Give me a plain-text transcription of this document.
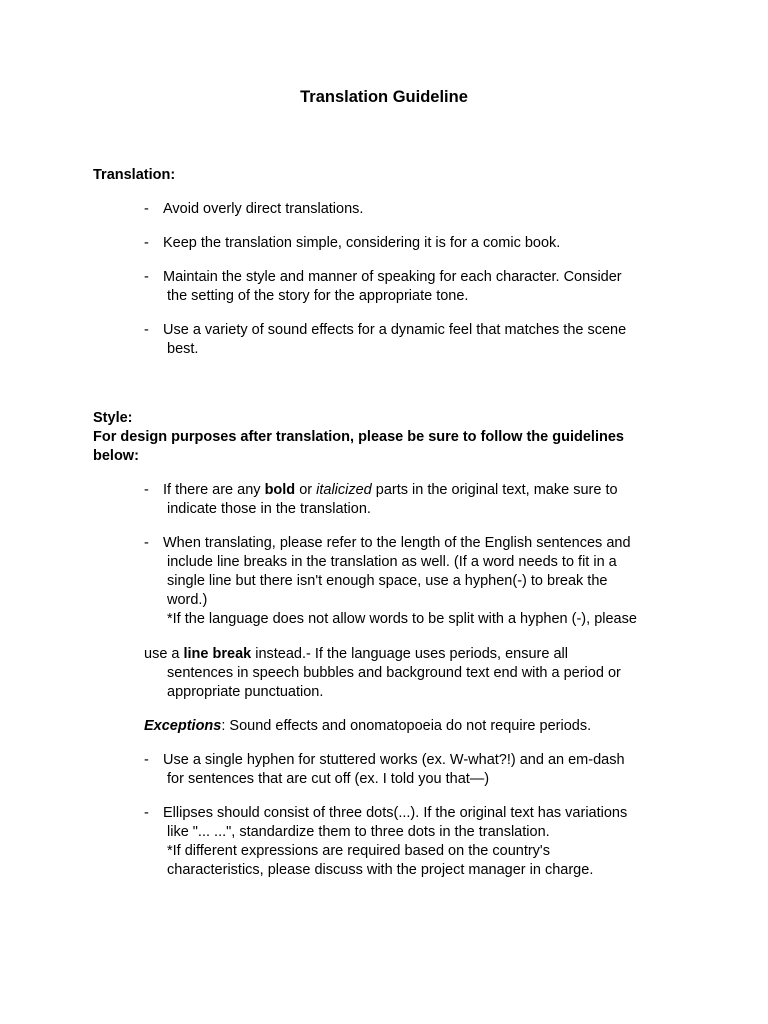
Translation Guideline
Translation:
- Avoid overly direct translations.
- Keep the translation simple, considering it is for a comic book.
- Maintain the style and manner of speaking for each character. Consider
the setting of the story for the appropriate tone.
- Use a variety of sound effects for a dynamic feel that matches the scene
best.
Style:
For design purposes after translation, please be sure to follow the guidelines
below:
- If there are any bold or italicized parts in the original text, make sure to
indicate those in the translation.
- When translating, please refer to the length of the English sentences and
include line breaks in the translation as well. (If a word needs to fit in a
single line but there isn't enough space, use a hyphen(-) to break the
word.)
*If the language does not allow words to be split with a hyphen (-), please
use a line break instead.- If the language uses periods, ensure all
sentences in speech bubbles and background text end with a period or
appropriate punctuation.
Exceptions: Sound effects and onomatopoeia do not require periods.
- Use a single hyphen for stuttered works (ex. W-what?!) and an em-dash
for sentences that are cut off (ex. I told you that—)
- Ellipses should consist of three dots(...). If the original text has variations
like "... ...", standardize them to three dots in the translation.
*If different expressions are required based on the country's
characteristics, please discuss with the project manager in charge.
